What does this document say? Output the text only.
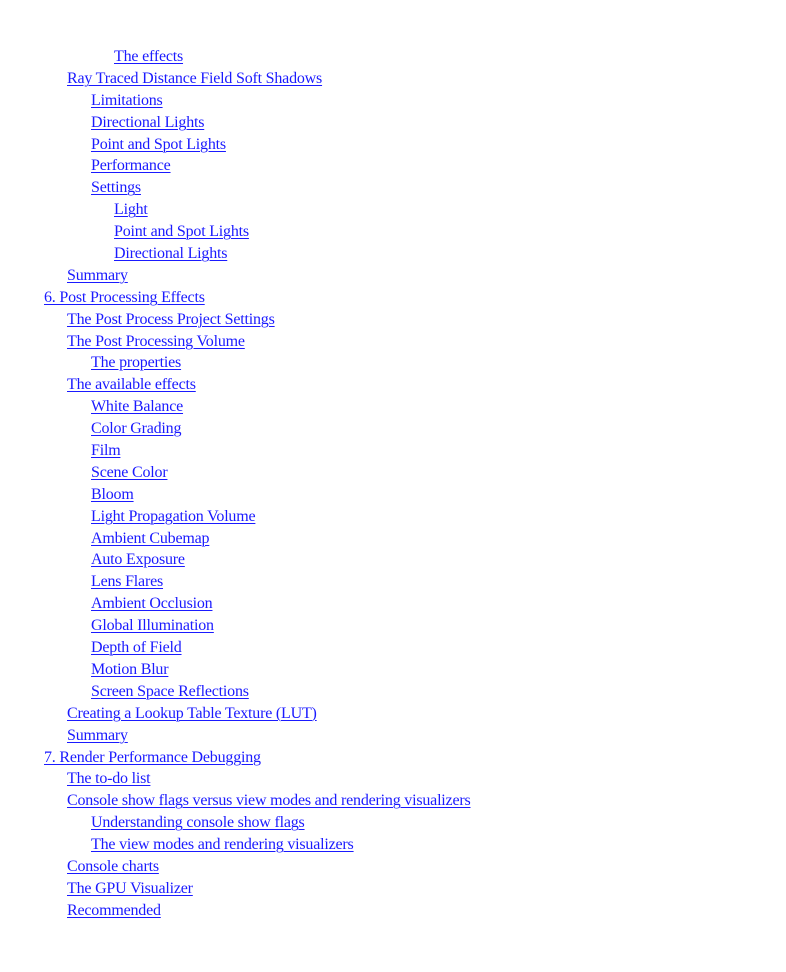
The effects
Ray Traced Distance Field Soft Shadows
Limitations
Directional Lights
Point and Spot Lights
Performance
Settings
Light
Point and Spot Lights
Directional Lights
Summary
6. Post Processing Effects
The Post Process Project Settings
The Post Processing Volume
The properties
The available effects
White Balance
Color Grading
Film
Scene Color
Bloom
Light Propagation Volume
Ambient Cubemap
Auto Exposure
Lens Flares
Ambient Occlusion
Global Illumination
Depth of Field
Motion Blur
Screen Space Reflections
Creating a Lookup Table Texture (LUT)
Summary
7. Render Performance Debugging
The to-do list
Console show flags versus view modes and rendering visualizers
Understanding console show flags
The view modes and rendering visualizers
Console charts
The GPU Visualizer
Recommended
